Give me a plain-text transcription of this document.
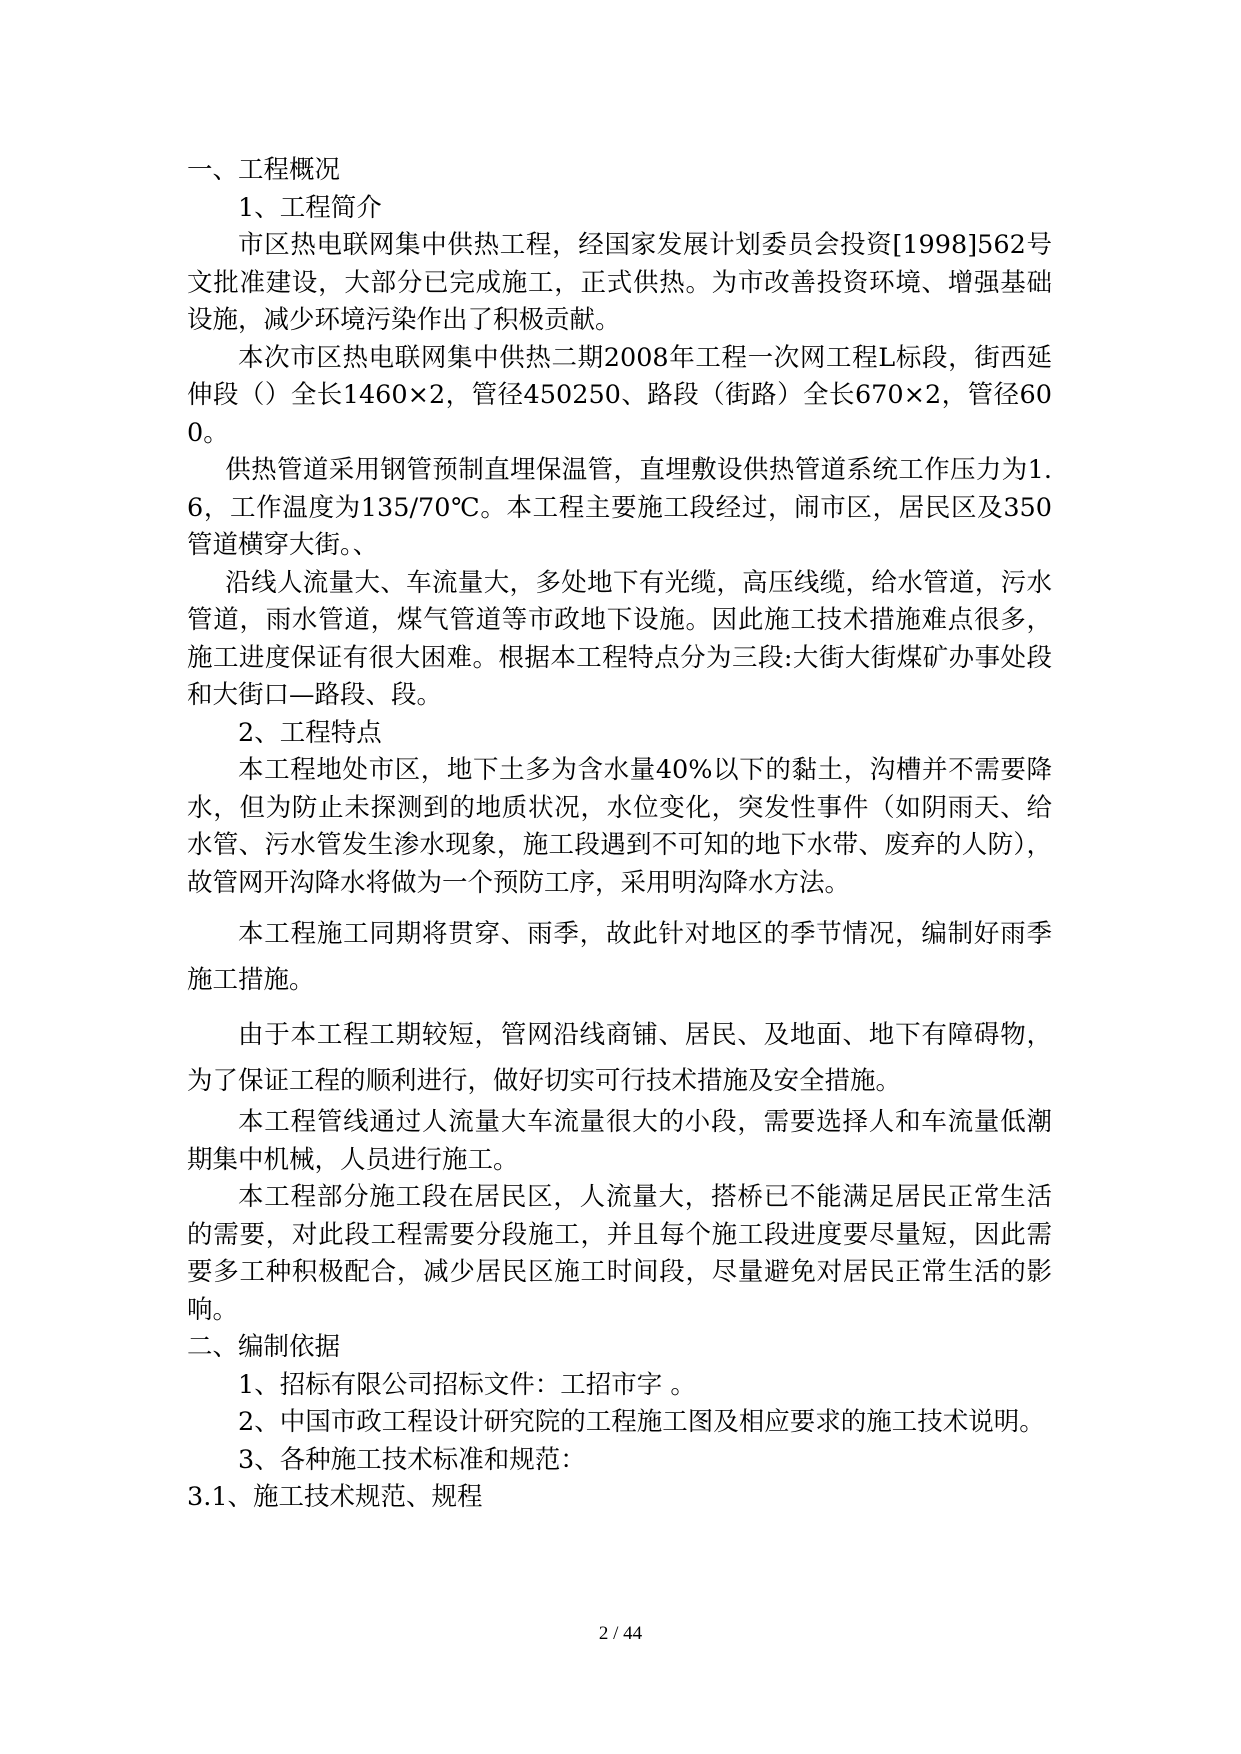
一、工程概况

1、工程简介

市区热电联网集中供热工程，经国家发展计划委员会投资[1998]562号文批准建设，大部分已完成施工，正式供热。为市改善投资环境、增强基础设施，减少环境污染作出了积极贡献。

本次市区热电联网集中供热二期2008年工程一次网工程L标段，街西延伸段（）全长1460×2，管径450250、路段（街路）全长670×2，管径600。

供热管道采用钢管预制直埋保温管，直埋敷设供热管道系统工作压力为1.6，工作温度为135/70℃。本工程主要施工段经过，闹市区，居民区及350管道横穿大街。、

沿线人流量大、车流量大，多处地下有光缆，高压线缆，给水管道，污水管道，雨水管道，煤气管道等市政地下设施。因此施工技术措施难点很多，施工进度保证有很大困难。根据本工程特点分为三段:大街大街煤矿办事处段和大街口—路段、段。

2、工程特点

本工程地处市区，地下土多为含水量40%以下的黏土，沟槽并不需要降水，但为防止未探测到的地质状况，水位变化，突发性事件（如阴雨天、给水管、污水管发生渗水现象，施工段遇到不可知的地下水带、废弃的人防），故管网开沟降水将做为一个预防工序，采用明沟降水方法。

本工程施工同期将贯穿、雨季，故此针对地区的季节情况，编制好雨季施工措施。

由于本工程工期较短，管网沿线商铺、居民、及地面、地下有障碍物，为了保证工程的顺利进行，做好切实可行技术措施及安全措施。

本工程管线通过人流量大车流量很大的小段，需要选择人和车流量低潮期集中机械，人员进行施工。

本工程部分施工段在居民区，人流量大，搭桥已不能满足居民正常生活的需要，对此段工程需要分段施工，并且每个施工段进度要尽量短，因此需要多工种积极配合，减少居民区施工时间段，尽量避免对居民正常生活的影响。

二、编制依据

1、招标有限公司招标文件：工招市字 。

2、中国市政工程设计研究院的工程施工图及相应要求的施工技术说明。

3、各种施工技术标准和规范：

3.1、施工技术规范、规程

2 / 44
